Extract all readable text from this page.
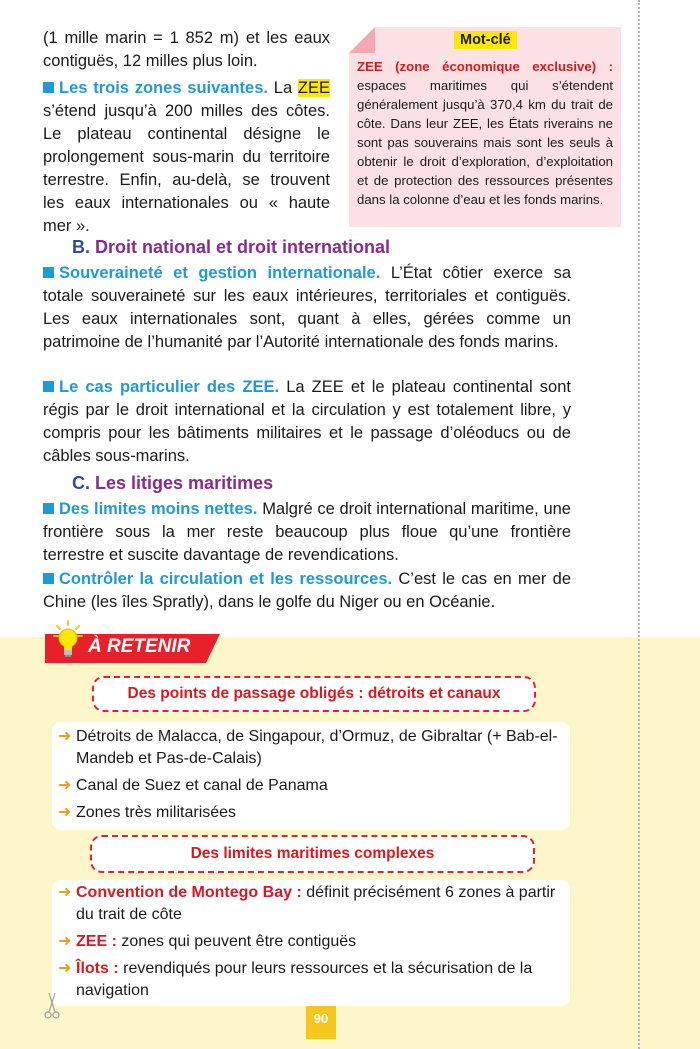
(1 mille marin = 1 852 m) et les eaux contiguës, 12 milles plus loin.

Les trois zones suivantes. La ZEE s’étend jusqu’à 200 milles des côtes. Le plateau continental désigne le prolongement sous-marin du territoire terrestre. Enfin, au-delà, se trouvent les eaux internationales ou « haute mer ».

Mot-clé
ZEE (zone économique exclusive) : espaces maritimes qui s’étendent généralement jusqu’à 370,4 km du trait de côte. Dans leur ZEE, les États riverains ne sont pas souverains mais sont les seuls à obtenir le droit d’exploration, d’exploitation et de protection des ressources présentes dans la colonne d’eau et les fonds marins.
B. Droit national et droit international
Souveraineté et gestion internationale. L’État côtier exerce sa totale souveraineté sur les eaux intérieures, territoriales et contiguës. Les eaux internationales sont, quant à elles, gérées comme un patrimoine de l’humanité par l’Autorité internationale des fonds marins.
Le cas particulier des ZEE. La ZEE et le plateau continental sont régis par le droit international et la circulation y est totalement libre, y compris pour les bâtiments militaires et le passage d’oléoducs ou de câbles sous-marins.
C. Les litiges maritimes
Des limites moins nettes. Malgré ce droit international maritime, une frontière sous la mer reste beaucoup plus floue qu’une frontière terrestre et suscite davantage de revendications.
Contrôler la circulation et les ressources. C’est le cas en mer de Chine (les îles Spratly), dans le golfe du Niger ou en Océanie.
À RETENIR
Des points de passage obligés : détroits et canaux
➜ Détroits de Malacca, de Singapour, d’Ormuz, de Gibraltar (+ Bab-el-Mandeb et Pas-de-Calais)
➜ Canal de Suez et canal de Panama
➜ Zones très militarisées
Des limites maritimes complexes
➜ Convention de Montego Bay : définit précisément 6 zones à partir du trait de côte
➜ ZEE : zones qui peuvent être contiguës
➜ Îlots : revendiqués pour leurs ressources et la sécurisation de la navigation
90
